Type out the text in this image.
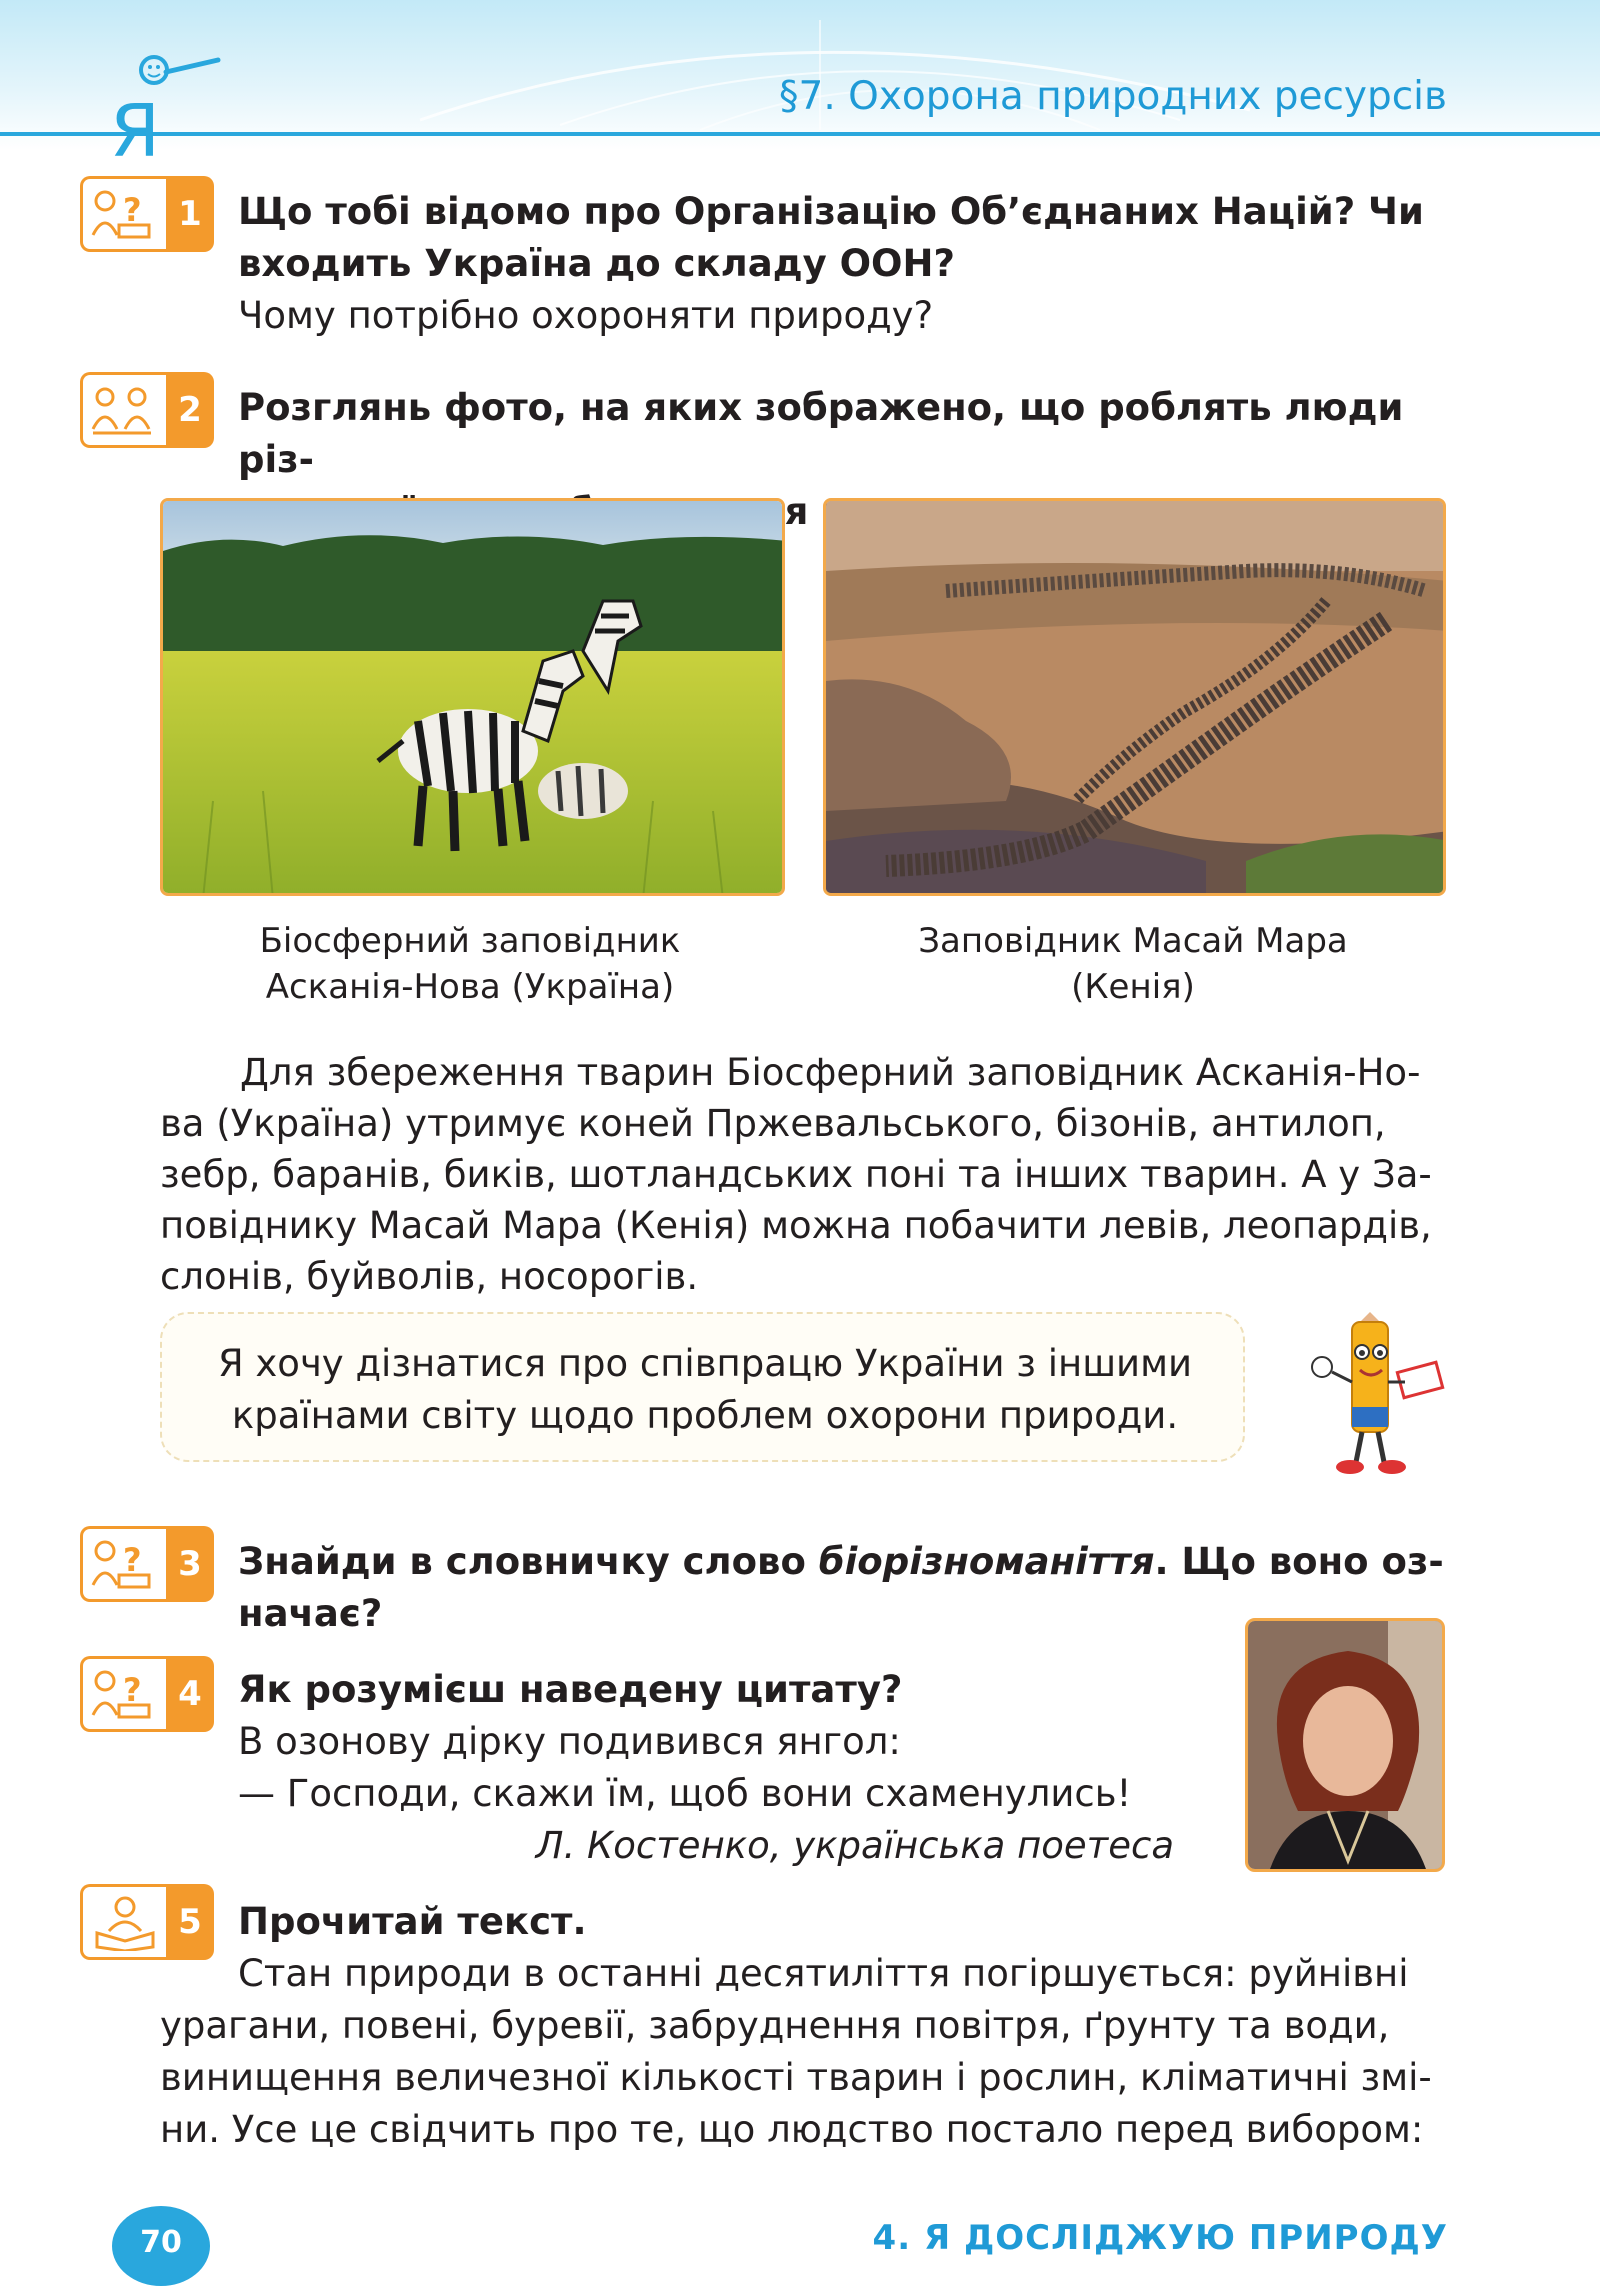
§7. Охорона природних ресурсів
Я
?	1 Що тобі відомо про Організацію Об’єднаних Націй? Чи
входить Україна до складу ООН?
Чому потрібно охороняти природу?
2 Розглянь фото, на яких зображено, що роблять люди різ-

Біосферний заповідник
Асканія-Нова (Україна)
Заповідник Масай Мара
(Кенія)
Для збереження тварин Біосферний заповідник Асканія-Но-
ва (Україна) утримує коней Пржевальського, бізонів, антилоп,
зебр, баранів, биків, шотландських поні та інших тварин. А у За-
повіднику Масай Мара (Кенія) можна побачити левів, леопардів,
слонів, буйволів, носорогів.
Я хочу дізнатися про співпрацю України з іншими
країнами світу щодо проблем охорони природи.
?	3 Знайди в словничку слово біорізноманіття. Що воно оз-
начає?
?	4 Як розумієш наведену цитату?
В озонову дірку подивився янгол:
— Господи, скажи їм, щоб вони схаменулись!

Л. Костенко, українська поетеса
5 Прочитай текст.
Стан природи в останні десятиліття погіршується: руйнівні
урагани, повені, буревії, забруднення повітря, ґрунту та води,
винищення величезної кількості тварин і рослин, кліматичні змі-
ни. Усе це свідчить про те, що людство постало перед вибором:
70	4. Я ДОСЛІДЖУЮ ПРИРОДУ
